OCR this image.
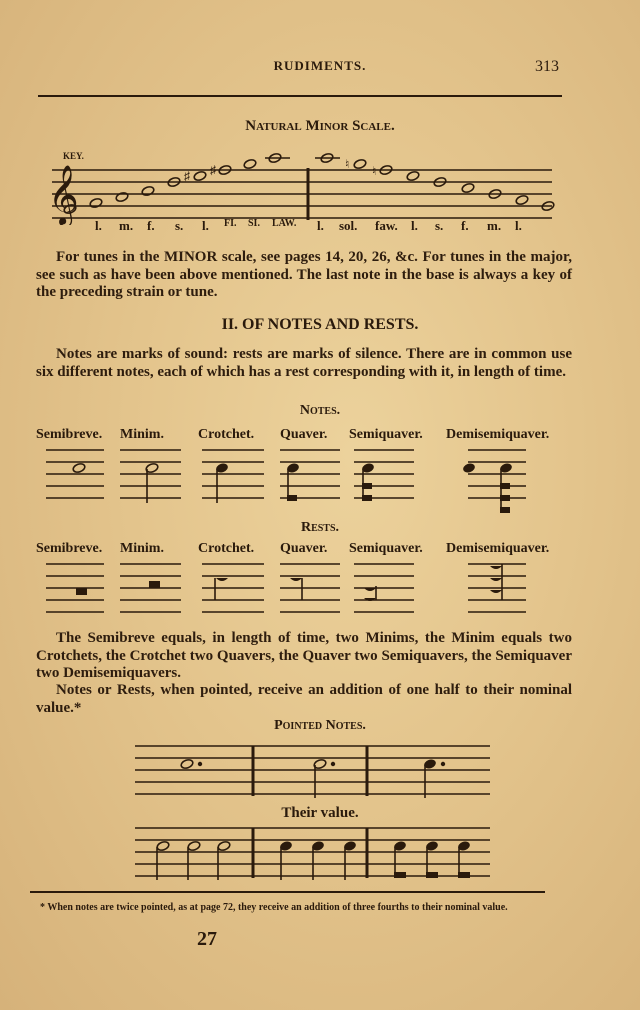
RUDIMENTS.	313
Natural Minor Scale.
KEY.
𝄞	♯ ♯	♮ ♮
l.	m.	f.	s.	l.	FI.	SI.	LAW.	l.	sol.	faw.	l.	s.	f.	m.	l.
For tunes in the MINOR scale, see pages 14, 20, 26, &c. For tunes in the major, see such as have been above mentioned. The last note in the base is always a key of the preceding strain or tune.
II. OF NOTES AND RESTS.
Notes are marks of sound: rests are marks of silence. There are in common use six different notes, each of which has a rest corresponding with it, in length of time.
Notes.
Semibreve. Minim. Crotchet. Quaver. Semiquaver. Demisemiquaver.
Rests.
Semibreve. Minim. Crotchet. Quaver. Semiquaver. Demisemiquaver.
The Semibreve equals, in length of time, two Minims, the Minim equals two Crotchets, the Crotchet two Quavers, the Quaver two Semiquavers, the Semiquaver two Demisemiquavers.
Notes or Rests, when pointed, receive an addition of one half to their nominal value.*
Pointed Notes.
Their value.
* When notes are twice pointed, as at page 72, they receive an addition of three fourths to their nominal value.
27
